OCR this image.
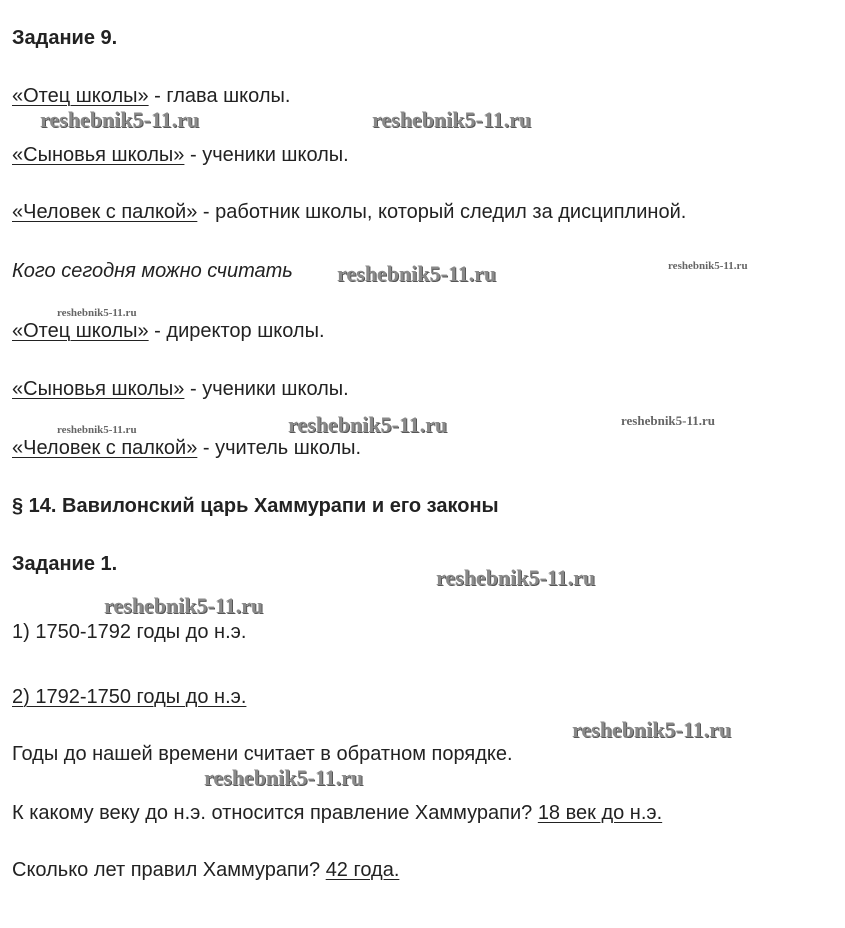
Задание 9.
«Отец школы» - глава школы.
«Сыновья школы» - ученики школы.
«Человек с палкой» - работник школы, который следил за дисциплиной.
Кого сегодня можно считать
«Отец школы» - директор школы.
«Сыновья школы» - ученики школы.
«Человек с палкой» - учитель школы.
§ 14. Вавилонский царь Хаммурапи и его законы
Задание 1.
1) 1750-1792 годы до н.э.
2) 1792-1750 годы до н.э.
Годы до нашей времени считает в обратном порядке.
К какому веку до н.э. относится правление Хаммурапи? 18 век до н.э.
Сколько лет правил Хаммурапи? 42 года.
reshebnik5-11.ru	reshebnik5-11.ru
reshebnik5-11.ru	reshebnik5-11.ru
reshebnik5-11.ru
reshebnik5-11.ru	reshebnik5-11.ru	reshebnik5-11.ru
reshebnik5-11.ru
reshebnik5-11.ru
reshebnik5-11.ru
reshebnik5-11.ru
